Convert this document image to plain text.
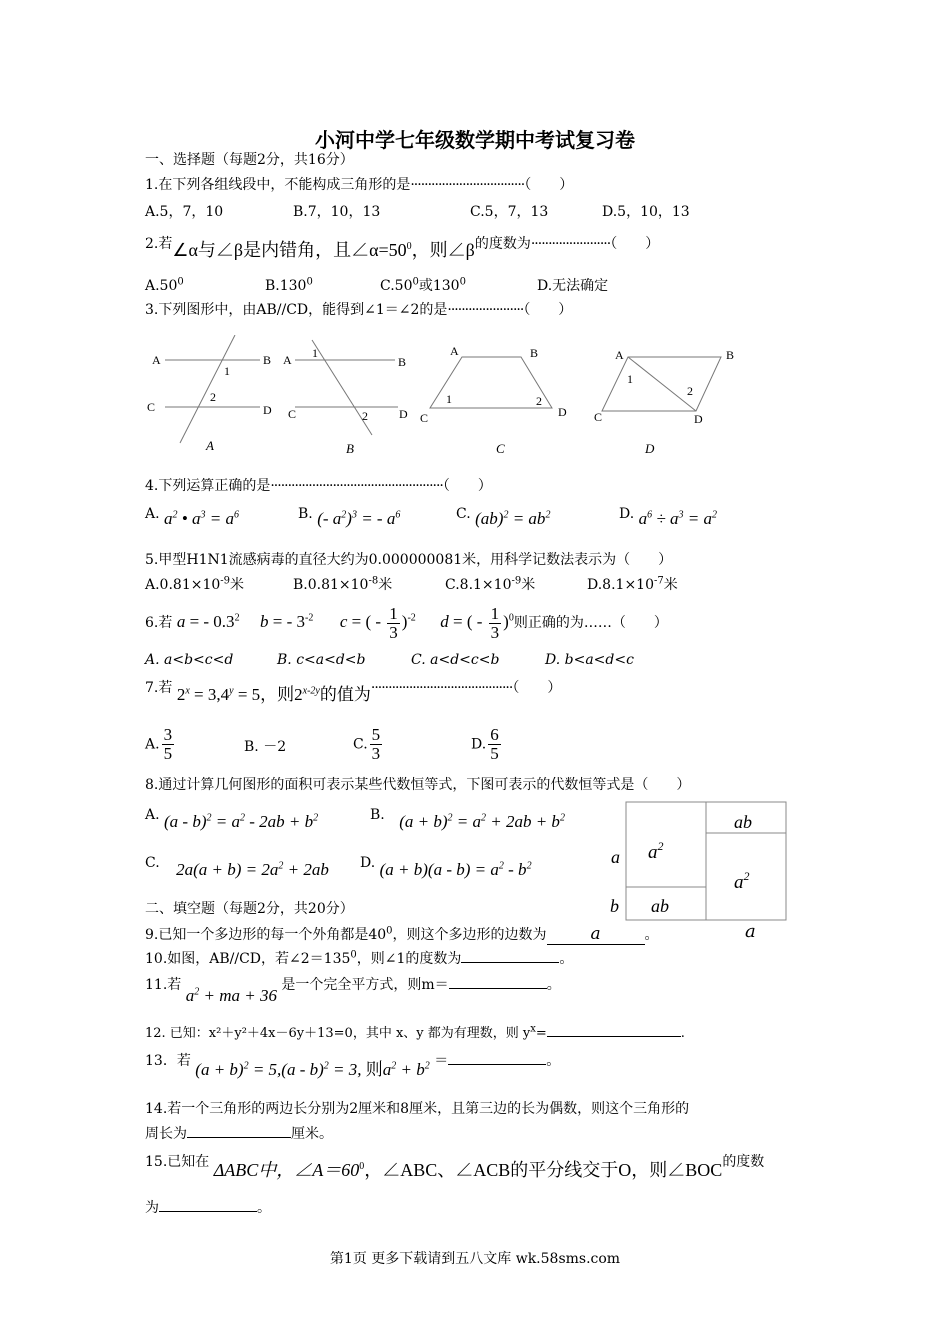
小河中学七年级数学期中考试复习卷
一、选择题（每题2分，共16分）
1.在下列各组线段中，不能构成三角形的是·································（　　）
A.5，7，10	B.7，10，13	C.5，7，13	D.5，10，13
2.若∠α与∠β是内错角，且$\angle\alpha=50^0$，则∠β的度数为·······················（　　）
$A.50^0$	B.130$^0$	$C.50^0$或$130^0$	D.无法确定
3.下列图形中，由AB//CD，能得到∠1＝∠2的是······················（　　）
A	B
C	D
1
2
A
A	B
C	D
1
2
B
A	B
C	D
1	2
C
A	B
C	D
1
2
D
4.下列运算正确的是··················································（　　）
A. $a^2$ • $a^3 = a^6$	B. (- $a^2)^3$ = - $a^6$	C. $(ab)^2 = ab^2$	D. $a^6 \div a^3 = a^2$
5.甲型H1N1流感病毒的直径大约为0.000000081米，用科学记数法表示为（　　）
$A.0.81\times 10^{-9}$米	$B.0.81\times 10^{-8}$米	$C.8.1\times 10^{-9}$米	$D.8.1\times 10^{-7}$米
6.若 a = - $0.3^2$ b = - $3^{-2}$ c = ( - $\frac{1}{3} )^{-2}$ d = ( - $\frac{1}{3} )^0$则正确的为……（　　）
A. a<b<c<d	B. c<a<d<b	C. a<d<c<b	D. b<a<d<c
7.若 $2^x = 3,4^y = 5$，则$2^{x-2y}$的值为·········································（　　）
A. $\frac{3}{5}$	B. －2	C. $\frac{5}{3}$	D. $\frac{6}{5}$
8.通过计算几何图形的面积可表示某些代数恒等式，下图可表示的代数恒等式是（　　）
A. $(a - b)^2 = a^2 - 2ab + b^2$	B. $(a + b)^2 = a^2 + 2ab + b^2$
C. $2a(a + b) = 2a^2 + 2ab$ D. $(a + b)(a - b) = a^2 - b^2$
$a^2$
ab
$a^2$
ab
a
b
二、填空题（每题2分，共20分）
9.已知一个多边形的每一个外角都是$40^0$，则这个多边形的边数为	a	。	a
10.如图，AB//CD，若$\angle 2=135^0$，则∠1的度数为	。
11.若 $a^2$ + ma + 36 是一个完全平方式，则m＝	。
12. 已知：x²＋y²＋4x－6y＋13=0，其中 x、y 都为有理数，则 $y^x=$	.
13．若 $(a + b)^2 = 5,(a - b)^2 = 3$, 则$a^2 + b^2$ ＝	。
14.若一个三角形的两边长分别为2厘米和8厘米，且第三边的长为偶数，则这个三角形的
周长为	厘米。
15.已知在 ΔABC中，$\angle A=60^0$，∠ABC、∠ACB的平分线交于O，则∠BOC的度数
为	。
第1页 更多下载请到五八文库 wk.58sms.com
